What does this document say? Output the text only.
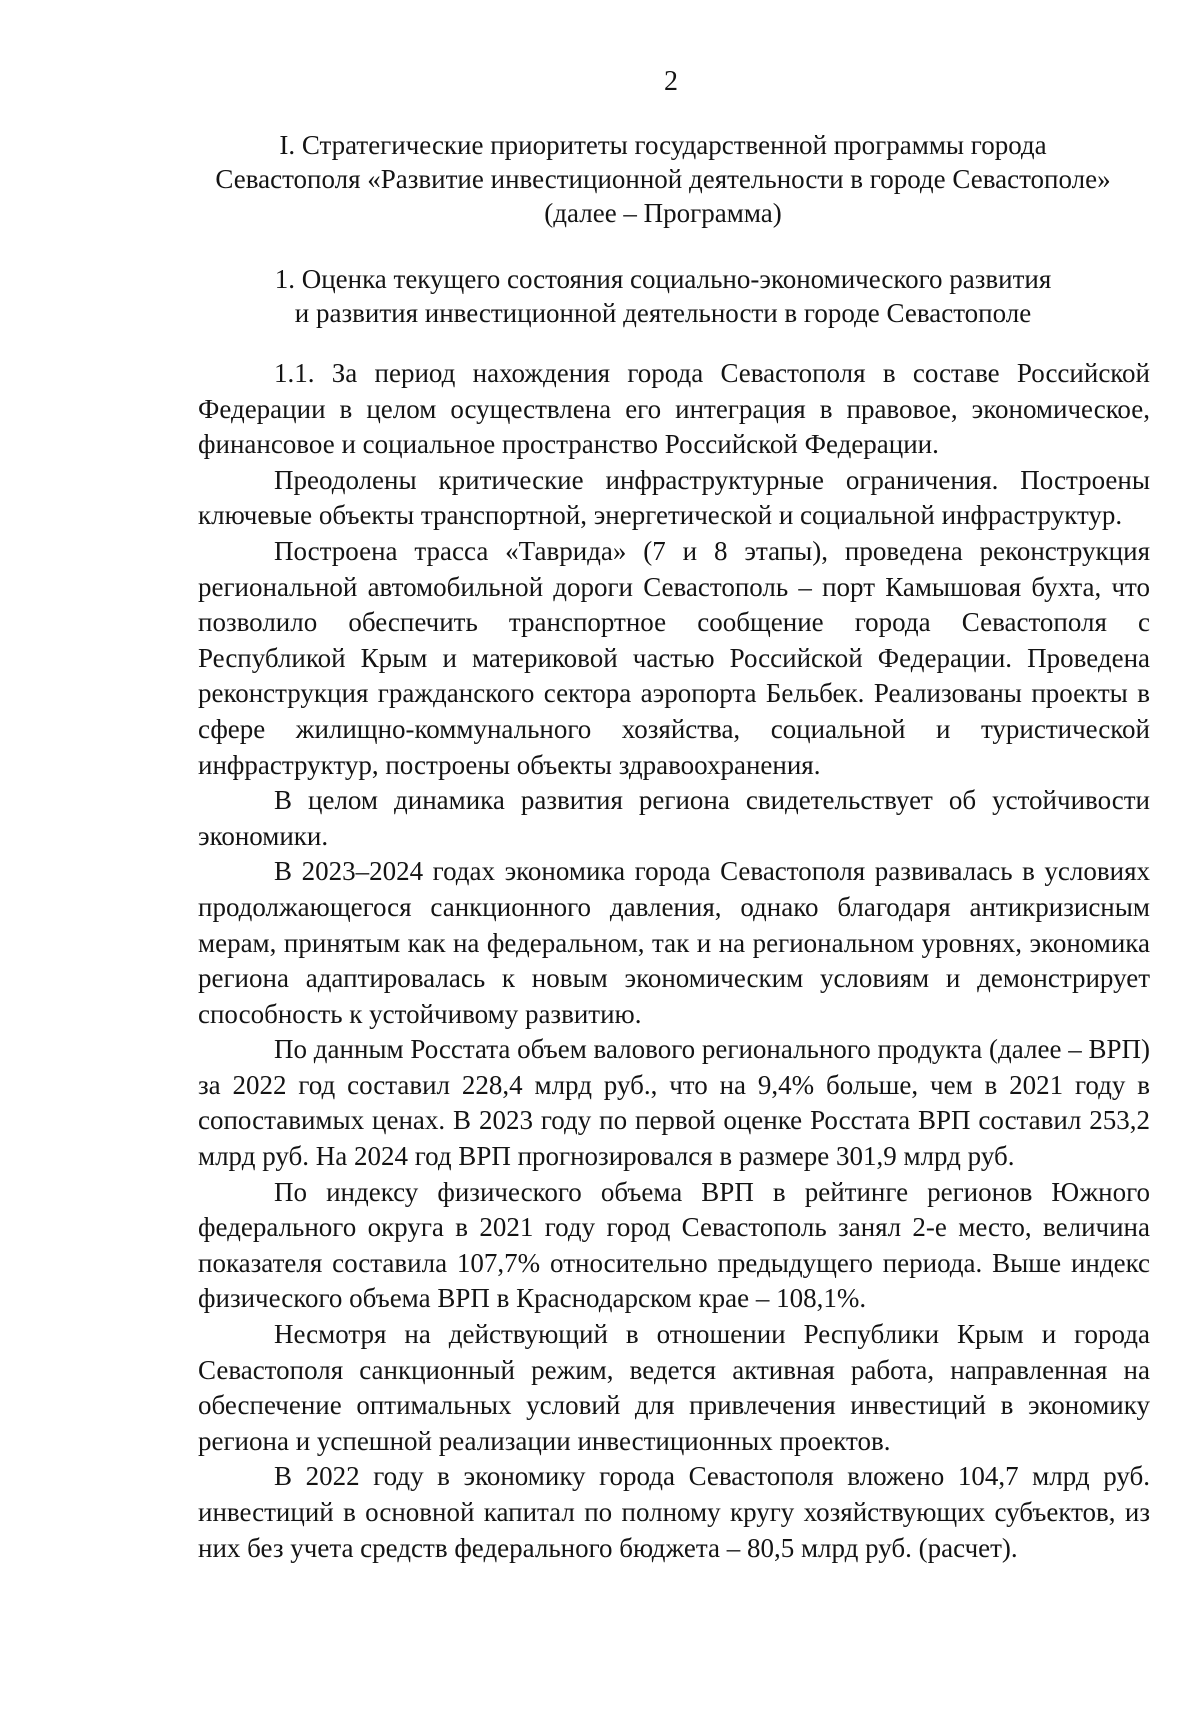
2
I. Стратегические приоритеты государственной программы города
Севастополя «Развитие инвестиционной деятельности в городе Севастополе»
(далее – Программа)
1. Оценка текущего состояния социально-экономического развития
и развития инвестиционной деятельности в городе Севастополе

1.1. За период нахождения города Севастополя в составе Российской Федерации в целом осуществлена его интеграция в правовое, экономическое, финансовое и социальное пространство Российской Федерации.

Преодолены критические инфраструктурные ограничения. Построены ключевые объекты транспортной, энергетической и социальной инфраструктур.

Построена трасса «Таврида» (7 и 8 этапы), проведена реконструкция региональной автомобильной дороги Севастополь – порт Камышовая бухта, что позволило обеспечить транспортное сообщение города Севастополя с Республикой Крым и материковой частью Российской Федерации. Проведена реконструкция гражданского сектора аэропорта Бельбек. Реализованы проекты в сфере жилищно-коммунального хозяйства, социальной и туристической инфраструктур, построены объекты здравоохранения.

В целом динамика развития региона свидетельствует об устойчивости экономики.

В 2023–2024 годах экономика города Севастополя развивалась в условиях продолжающегося санкционного давления, однако благодаря антикризисным мерам, принятым как на федеральном, так и на региональном уровнях, экономика региона адаптировалась к новым экономическим условиям и демонстрирует способность к устойчивому развитию.

По данным Росстата объем валового регионального продукта (далее – ВРП) за 2022 год составил 228,4 млрд руб., что на 9,4% больше, чем в 2021 году в сопоставимых ценах. В 2023 году по первой оценке Росстата ВРП составил 253,2 млрд руб. На 2024 год ВРП прогнозировался в размере 301,9 млрд руб.

По индексу физического объема ВРП в рейтинге регионов Южного федерального округа в 2021 году город Севастополь занял 2-е место, величина показателя составила 107,7% относительно предыдущего периода. Выше индекс физического объема ВРП в Краснодарском крае – 108,1%.

Несмотря на действующий в отношении Республики Крым и города Севастополя санкционный режим, ведется активная работа, направленная на обеспечение оптимальных условий для привлечения инвестиций в экономику региона и успешной реализации инвестиционных проектов.

В 2022 году в экономику города Севастополя вложено 104,7 млрд руб. инвестиций в основной капитал по полному кругу хозяйствующих субъектов, из них без учета средств федерального бюджета – 80,5 млрд руб. (расчет).
